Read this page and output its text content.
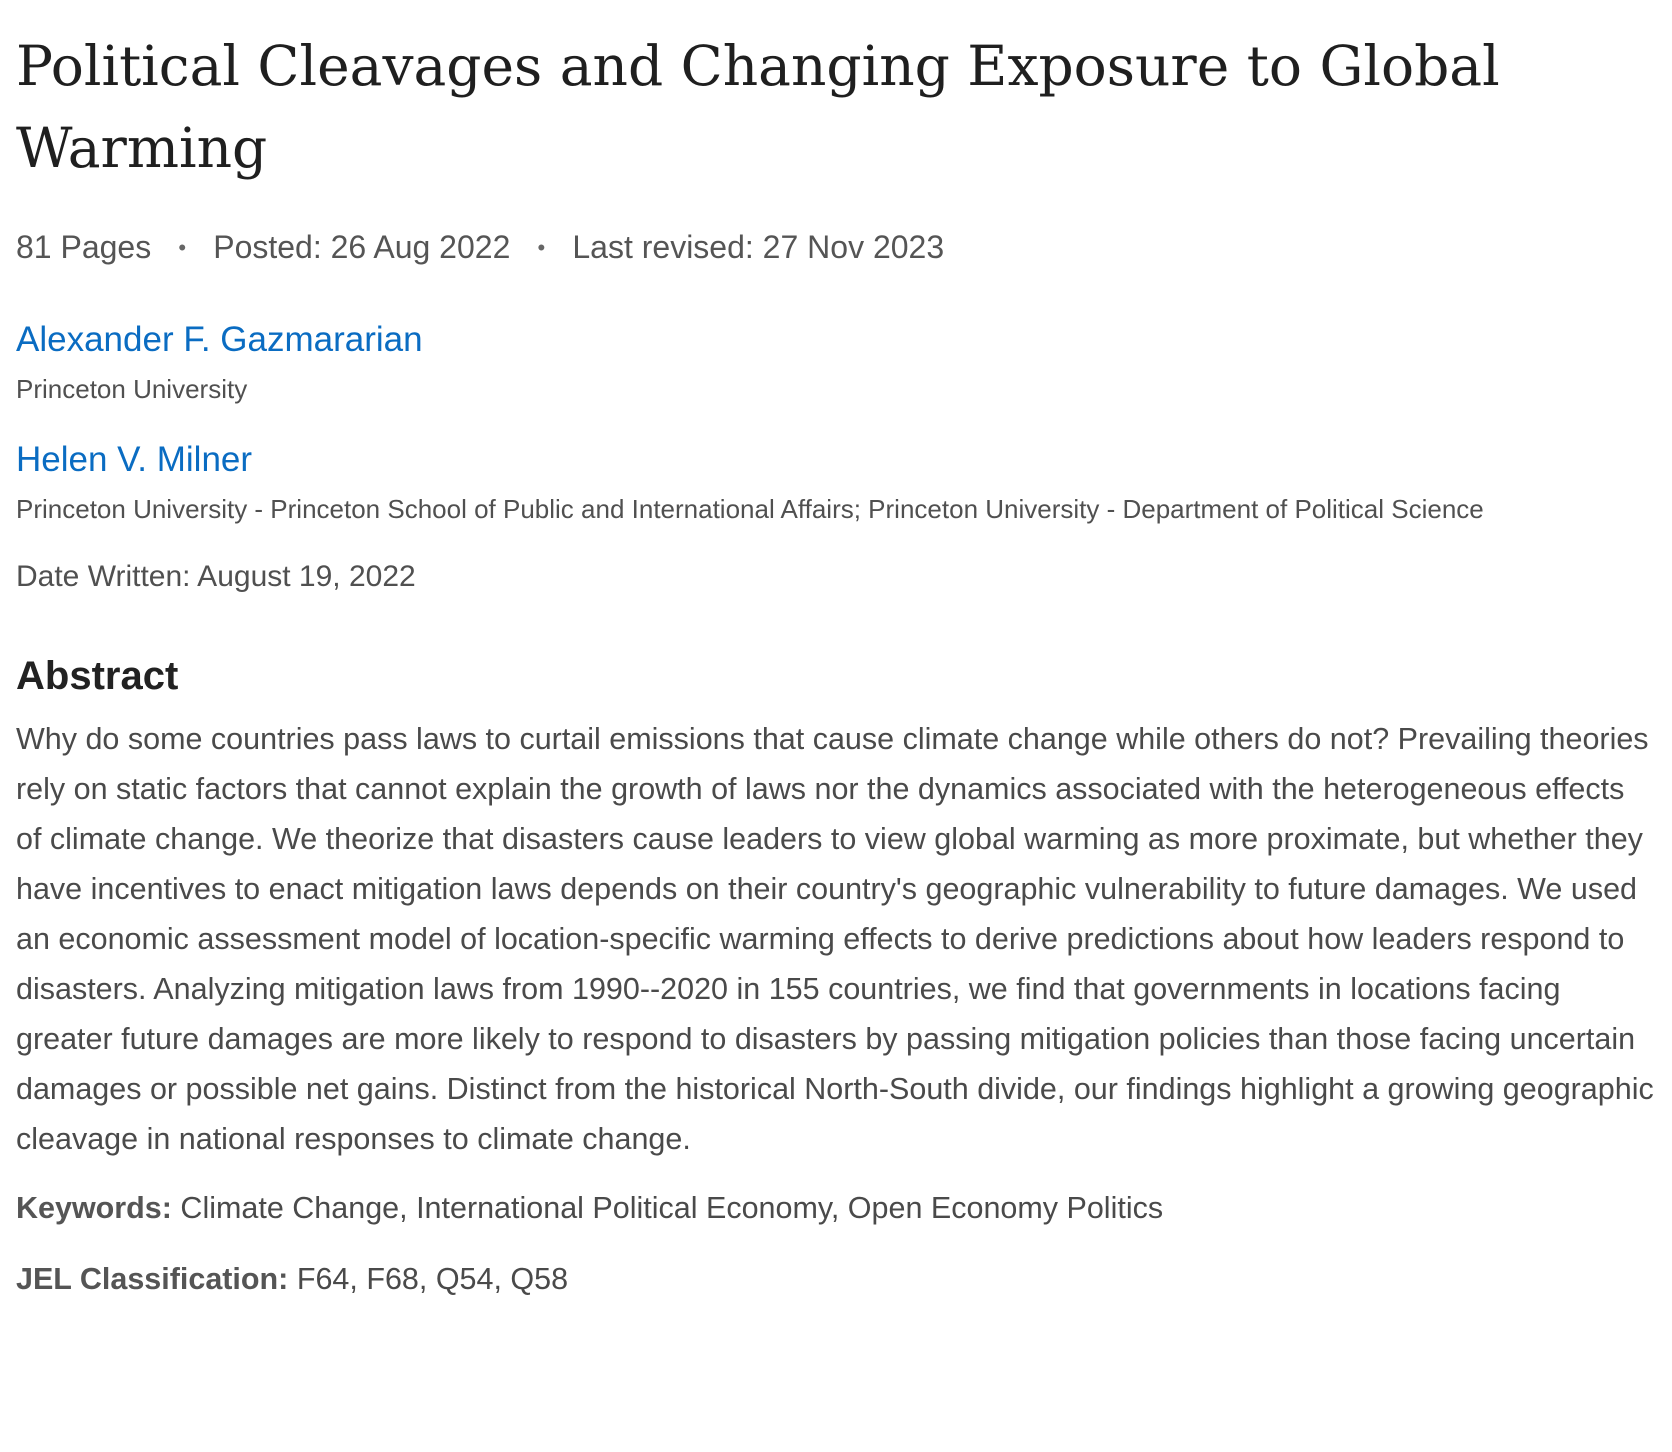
Political Cleavages and Changing Exposure to Global Warming
81 Pages • Posted: 26 Aug 2022 • Last revised: 27 Nov 2023
Alexander F. Gazmararian
Princeton University
Helen V. Milner
Princeton University - Princeton School of Public and International Affairs; Princeton University - Department of Political Science
Date Written: August 19, 2022
Abstract
Why do some countries pass laws to curtail emissions that cause climate change while others do not? Prevailing theories rely on static factors that cannot explain the growth of laws nor the dynamics associated with the heterogeneous effects of climate change. We theorize that disasters cause leaders to view global warming as more proximate, but whether they have incentives to enact mitigation laws depends on their country's geographic vulnerability to future damages. We used an economic assessment model of location-specific warming effects to derive predictions about how leaders respond to disasters. Analyzing mitigation laws from 1990--2020 in 155 countries, we find that governments in locations facing greater future damages are more likely to respond to disasters by passing mitigation policies than those facing uncertain damages or possible net gains. Distinct from the historical North-South divide, our findings highlight a growing geographic cleavage in national responses to climate change.
Keywords: Climate Change, International Political Economy, Open Economy Politics
JEL Classification: F64, F68, Q54, Q58
